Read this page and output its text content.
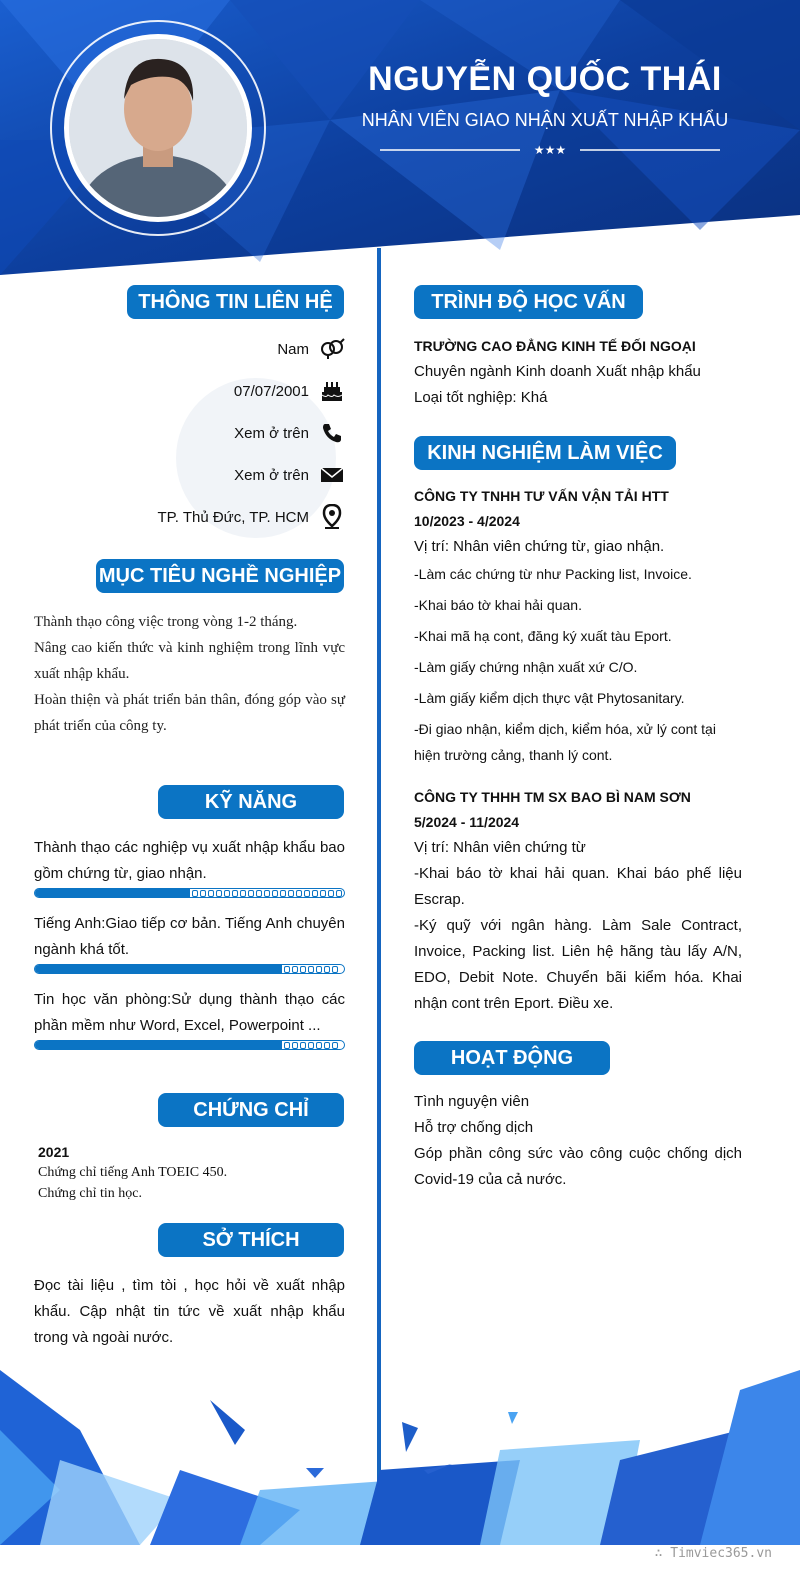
NGUYỄN QUỐC THÁI
NHÂN VIÊN GIAO NHẬN XUẤT NHẬP KHẨU
★★★
THÔNG TIN LIÊN HỆ
Nam
07/07/2001
Xem ở trên
Xem ở trên
TP. Thủ Đức, TP. HCM
MỤC TIÊU NGHỀ NGHIỆP
Thành thạo công việc trong vòng 1-2 tháng.
Nâng cao kiến thức và kinh nghiệm trong lĩnh vực xuất nhập khẩu.
Hoàn thiện và phát triển bản thân, đóng góp vào sự phát triển của công ty.
KỸ NĂNG
Thành thạo các nghiệp vụ xuất nhập khẩu bao gồm chứng từ, giao nhận.
Tiếng Anh:Giao tiếp cơ bản. Tiếng Anh chuyên ngành khá tốt.
Tin học văn phòng:Sử dụng thành thạo các phần mềm như Word, Excel, Powerpoint ...
CHỨNG CHỈ
2021
Chứng chỉ tiếng Anh TOEIC 450.
Chứng chỉ tin học.
SỞ THÍCH
Đọc tài liệu , tìm tòi , học hỏi về xuất nhập khẩu. Cập nhật tin tức về xuất nhập khẩu trong và ngoài nước.
TRÌNH ĐỘ HỌC VẤN
TRƯỜNG CAO ĐẲNG KINH TẾ ĐỐI NGOẠI
Chuyên ngành Kinh doanh Xuất nhập khẩu
Loại tốt nghiệp: Khá
KINH NGHIỆM LÀM VIỆC
CÔNG TY TNHH TƯ VẤN VẬN TẢI HTT
10/2023 - 4/2024
Vị trí: Nhân viên chứng từ, giao nhận.
-Làm các chứng từ như Packing list, Invoice.
-Khai báo tờ khai hải quan.
-Khai mã hạ cont, đăng ký xuất tàu Eport.
-Làm giấy chứng nhận xuất xứ C/O.
-Làm giấy kiểm dịch thực vật Phytosanitary.
-Đi giao nhận, kiểm dịch, kiểm hóa, xử lý cont tại hiện trường cảng, thanh lý cont.
CÔNG TY THHH TM SX BAO BÌ NAM SƠN
5/2024 - 11/2024
Vị trí: Nhân viên chứng từ
-Khai báo tờ khai hải quan. Khai báo phế liệu Escrap.
-Ký quỹ với ngân hàng. Làm Sale Contract, Invoice, Packing list. Liên hệ hãng tàu lấy A/N, EDO, Debit Note. Chuyển bãi kiểm hóa. Khai nhận cont trên Eport. Điều xe.
HOẠT ĐỘNG
Tình nguyện viên
Hỗ trợ chống dịch
Góp phần công sức vào công cuộc chống dịch Covid-19 của cả nước.
∴ Timviec365.vn
